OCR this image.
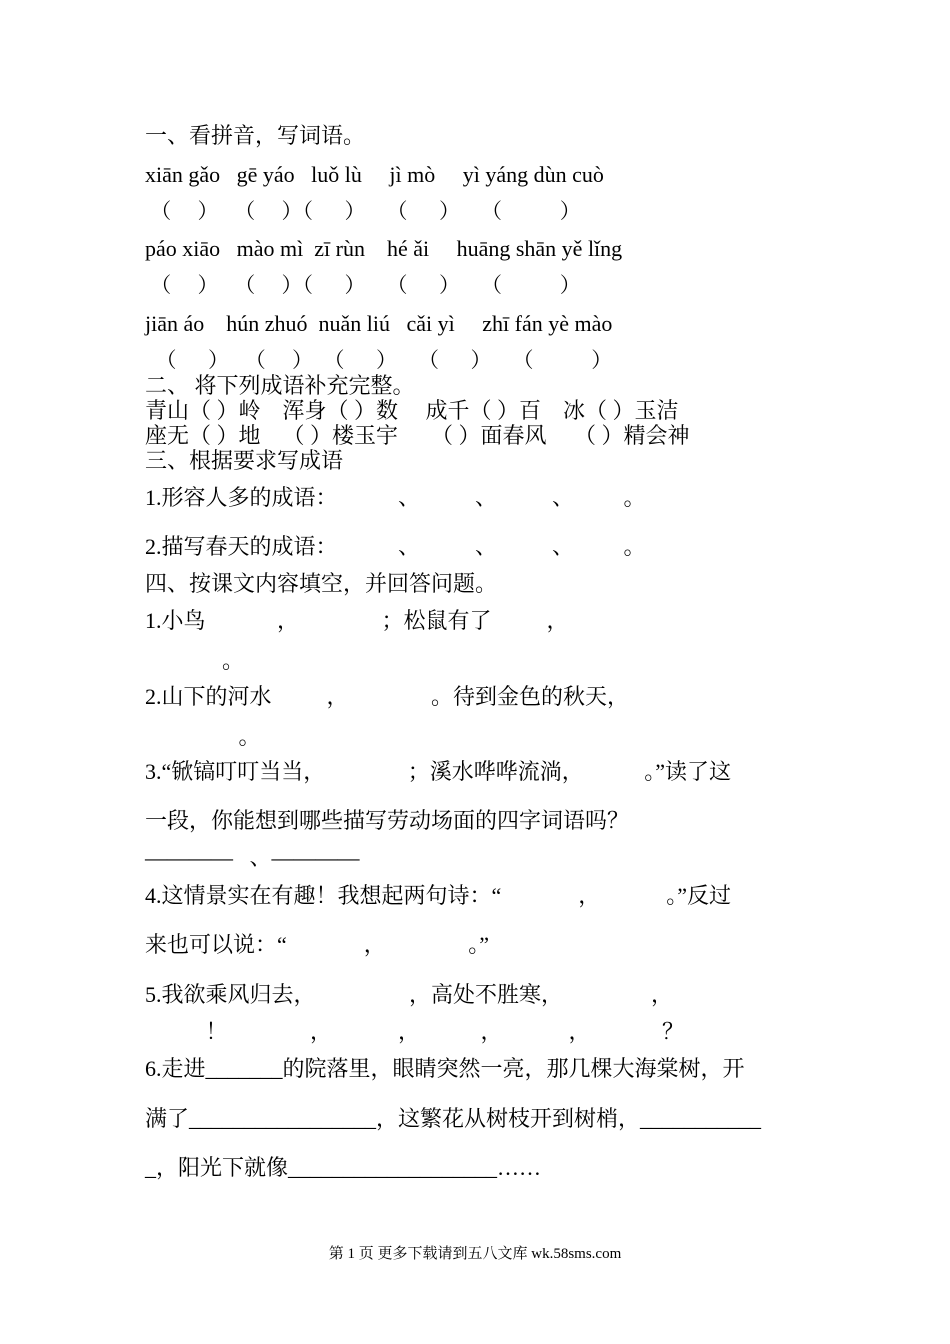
一、看拼音，写词语。
xiān gǎo   gē yáo   luǒ lù     jì mò     yì yáng dùn cuò
（     ）   （     ）（      ）    （      ）    （           ）
páo xiāo   mào mì  zī rùn    hé ǎi     huāng shān yě lǐng
（     ）   （     ）（      ）    （      ）    （           ）
jiān áo    hún zhuó  nuǎn liú   cǎi yì     zhī fán yè mào
（      ）   （     ）  （      ）    （      ）    （           ）
二、 将下列成语补充完整。
青山（ ）岭    浑身（ ）数     成千（ ）百    冰（ ）玉洁
座无（ ）地    （ ）楼玉宇      （ ）面春风     （ ）精会神
三、根据要求写成语
1.形容人多的成语：           、          、          、         。
2.描写春天的成语：           、          、          、         。
四、按课文内容填空，并回答问题。
1.小鸟             ，               ；松鼠有了          ，
。
2.山下的河水          ，               。待到金色的秋天，
。
3.“锨镐叮叮当当，               ；溪水哗哗流淌，           。”读了这
一段，你能想到哪些描写劳动场面的四字词语吗？
————   、————
4.这情景实在有趣！我想起两句诗：“              ，            。”反过
来也可以说：“              ，               。”
5.我欲乘风归去，                 ，高处不胜寒，                ，
！               ，            ，           ，            ，             ？
6.走进_______的院落里，眼睛突然一亮，那几棵大海棠树，开
满了_________________，这繁花从树枝开到树梢，___________
_，阳光下就像___________________……
第 1 页 更多下载请到五八文库 wk.58sms.com
